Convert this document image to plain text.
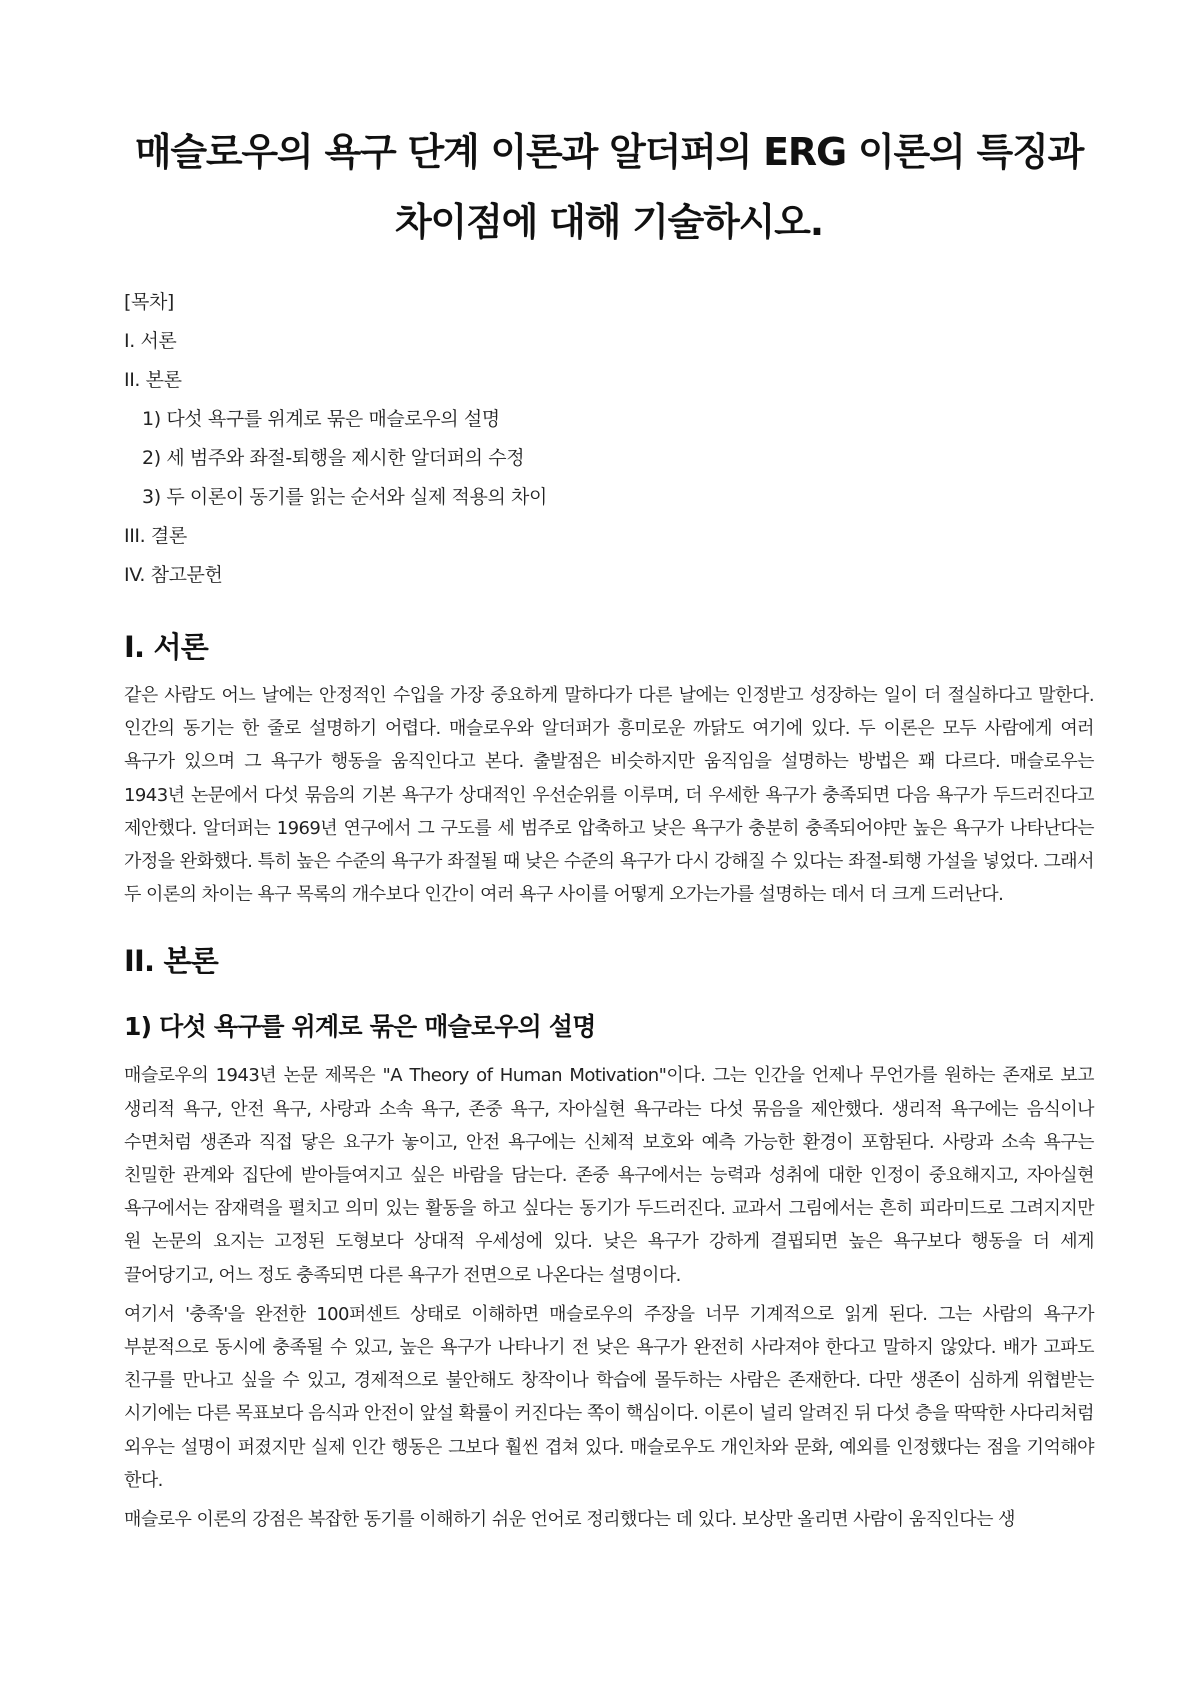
매슬로우의 욕구 단계 이론과 알더퍼의 ERG 이론의 특징과 차이점에 대해 기술하시오.
[목차]
I. 서론
II. 본론
1) 다섯 욕구를 위계로 묶은 매슬로우의 설명
2) 세 범주와 좌절-퇴행을 제시한 알더퍼의 수정
3) 두 이론이 동기를 읽는 순서와 실제 적용의 차이
III. 결론
IV. 참고문헌
I. 서론

같은 사람도 어느 날에는 안정적인 수입을 가장 중요하게 말하다가 다른 날에는 인정받고 성장하는 일이 더 절실하다고 말한다. 인간의 동기는 한 줄로 설명하기 어렵다. 매슬로우와 알더퍼가 흥미로운 까닭도 여기에 있다. 두 이론은 모두 사람에게 여러 욕구가 있으며 그 욕구가 행동을 움직인다고 본다. 출발점은 비슷하지만 움직임을 설명하는 방법은 꽤 다르다. 매슬로우는 1943년 논문에서 다섯 묶음의 기본 욕구가 상대적인 우선순위를 이루며, 더 우세한 욕구가 충족되면 다음 욕구가 두드러진다고 제안했다. 알더퍼는 1969년 연구에서 그 구도를 세 범주로 압축하고 낮은 욕구가 충분히 충족되어야만 높은 욕구가 나타난다는 가정을 완화했다. 특히 높은 수준의 욕구가 좌절될 때 낮은 수준의 욕구가 다시 강해질 수 있다는 좌절-퇴행 가설을 넣었다. 그래서 두 이론의 차이는 욕구 목록의 개수보다 인간이 여러 욕구 사이를 어떻게 오가는가를 설명하는 데서 더 크게 드러난다.

II. 본론
1) 다섯 욕구를 위계로 묶은 매슬로우의 설명

매슬로우의 1943년 논문 제목은 "A Theory of Human Motivation"이다. 그는 인간을 언제나 무언가를 원하는 존재로 보고 생리적 욕구, 안전 욕구, 사랑과 소속 욕구, 존중 욕구, 자아실현 욕구라는 다섯 묶음을 제안했다. 생리적 욕구에는 음식이나 수면처럼 생존과 직접 닿은 요구가 놓이고, 안전 욕구에는 신체적 보호와 예측 가능한 환경이 포함된다. 사랑과 소속 욕구는 친밀한 관계와 집단에 받아들여지고 싶은 바람을 담는다. 존중 욕구에서는 능력과 성취에 대한 인정이 중요해지고, 자아실현 욕구에서는 잠재력을 펼치고 의미 있는 활동을 하고 싶다는 동기가 두드러진다. 교과서 그림에서는 흔히 피라미드로 그려지지만 원 논문의 요지는 고정된 도형보다 상대적 우세성에 있다. 낮은 욕구가 강하게 결핍되면 높은 욕구보다 행동을 더 세게 끌어당기고, 어느 정도 충족되면 다른 욕구가 전면으로 나온다는 설명이다.

여기서 '충족'을 완전한 100퍼센트 상태로 이해하면 매슬로우의 주장을 너무 기계적으로 읽게 된다. 그는 사람의 욕구가 부분적으로 동시에 충족될 수 있고, 높은 욕구가 나타나기 전 낮은 욕구가 완전히 사라져야 한다고 말하지 않았다. 배가 고파도 친구를 만나고 싶을 수 있고, 경제적으로 불안해도 창작이나 학습에 몰두하는 사람은 존재한다. 다만 생존이 심하게 위협받는 시기에는 다른 목표보다 음식과 안전이 앞설 확률이 커진다는 쪽이 핵심이다. 이론이 널리 알려진 뒤 다섯 층을 딱딱한 사다리처럼 외우는 설명이 퍼졌지만 실제 인간 행동은 그보다 훨씬 겹쳐 있다. 매슬로우도 개인차와 문화, 예외를 인정했다는 점을 기억해야 한다.

매슬로우 이론의 강점은 복잡한 동기를 이해하기 쉬운 언어로 정리했다는 데 있다. 보상만 올리면 사람이 움직인다는 생
